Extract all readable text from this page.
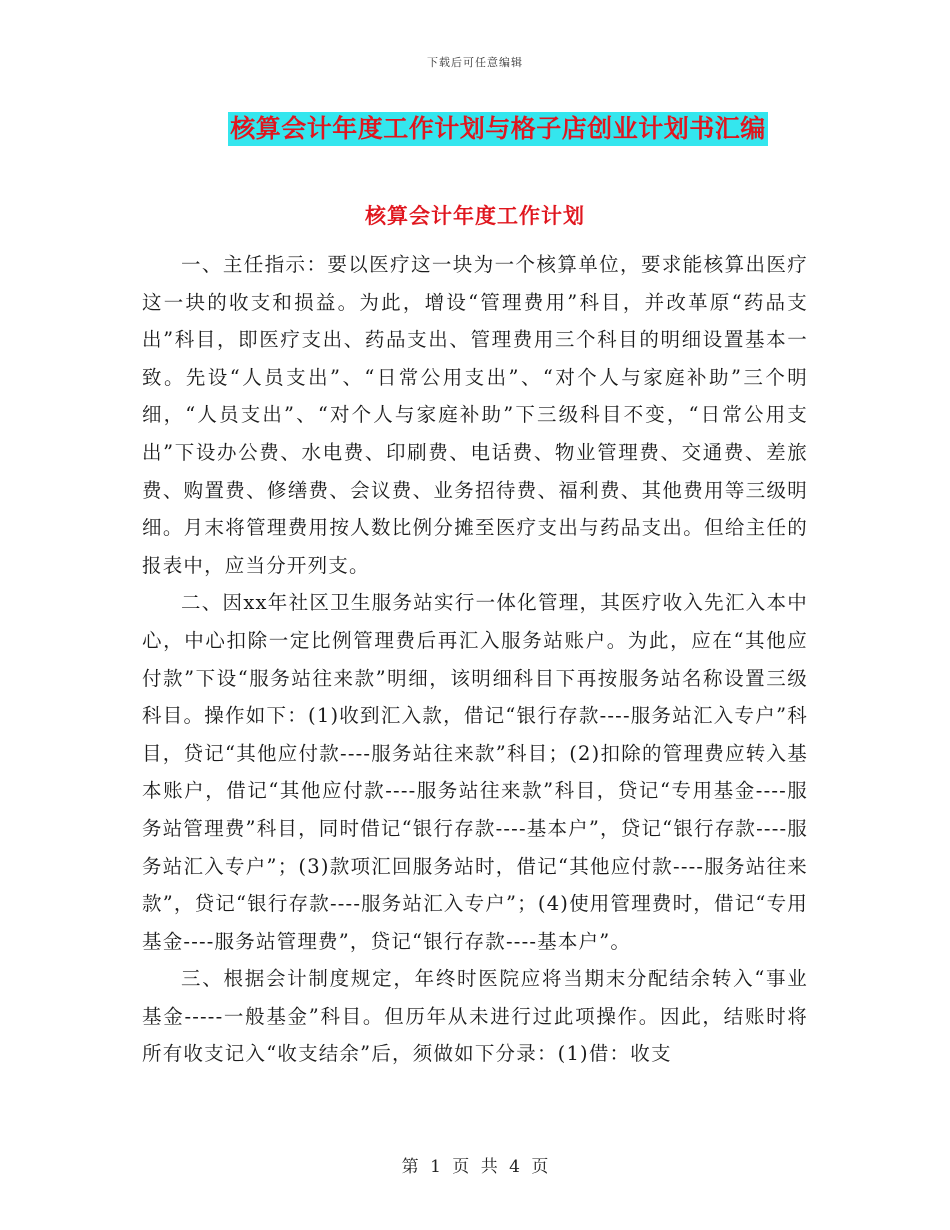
下载后可任意编辑
核算会计年度工作计划与格子店创业计划书汇编
核算会计年度工作计划

一、主任指示：要以医疗这一块为一个核算单位，要求能核算出医疗这一块的收支和损益。为此，增设“管理费用”科目，并改革原“药品支出”科目，即医疗支出、药品支出、管理费用三个科目的明细设置基本一致。先设“人员支出”、“日常公用支出”、“对个人与家庭补助”三个明细，“人员支出”、“对个人与家庭补助”下三级科目不变，“日常公用支出”下设办公费、水电费、印刷费、电话费、物业管理费、交通费、差旅费、购置费、修缮费、会议费、业务招待费、福利费、其他费用等三级明细。月末将管理费用按人数比例分摊至医疗支出与药品支出。但给主任的报表中，应当分开列支。

二、因xx年社区卫生服务站实行一体化管理，其医疗收入先汇入本中心，中心扣除一定比例管理费后再汇入服务站账户。为此，应在“其他应付款”下设“服务站往来款”明细，该明细科目下再按服务站名称设置三级科目。操作如下：(1)收到汇入款，借记“银行存款----服务站汇入专户”科目，贷记“其他应付款----服务站往来款”科目；(2)扣除的管理费应转入基本账户，借记“其他应付款----服务站往来款”科目，贷记“专用基金----服务站管理费”科目，同时借记“银行存款----基本户”，贷记“银行存款----服务站汇入专户”；(3)款项汇回服务站时，借记“其他应付款----服务站往来款”，贷记“银行存款----服务站汇入专户”；(4)使用管理费时，借记“专用基金----服务站管理费”，贷记“银行存款----基本户”。

三、根据会计制度规定，年终时医院应将当期末分配结余转入“事业基金-----一般基金”科目。但历年从未进行过此项操作。因此，结账时将所有收支记入“收支结余”后，须做如下分录：(1)借：收支

第 1 页 共 4 页
